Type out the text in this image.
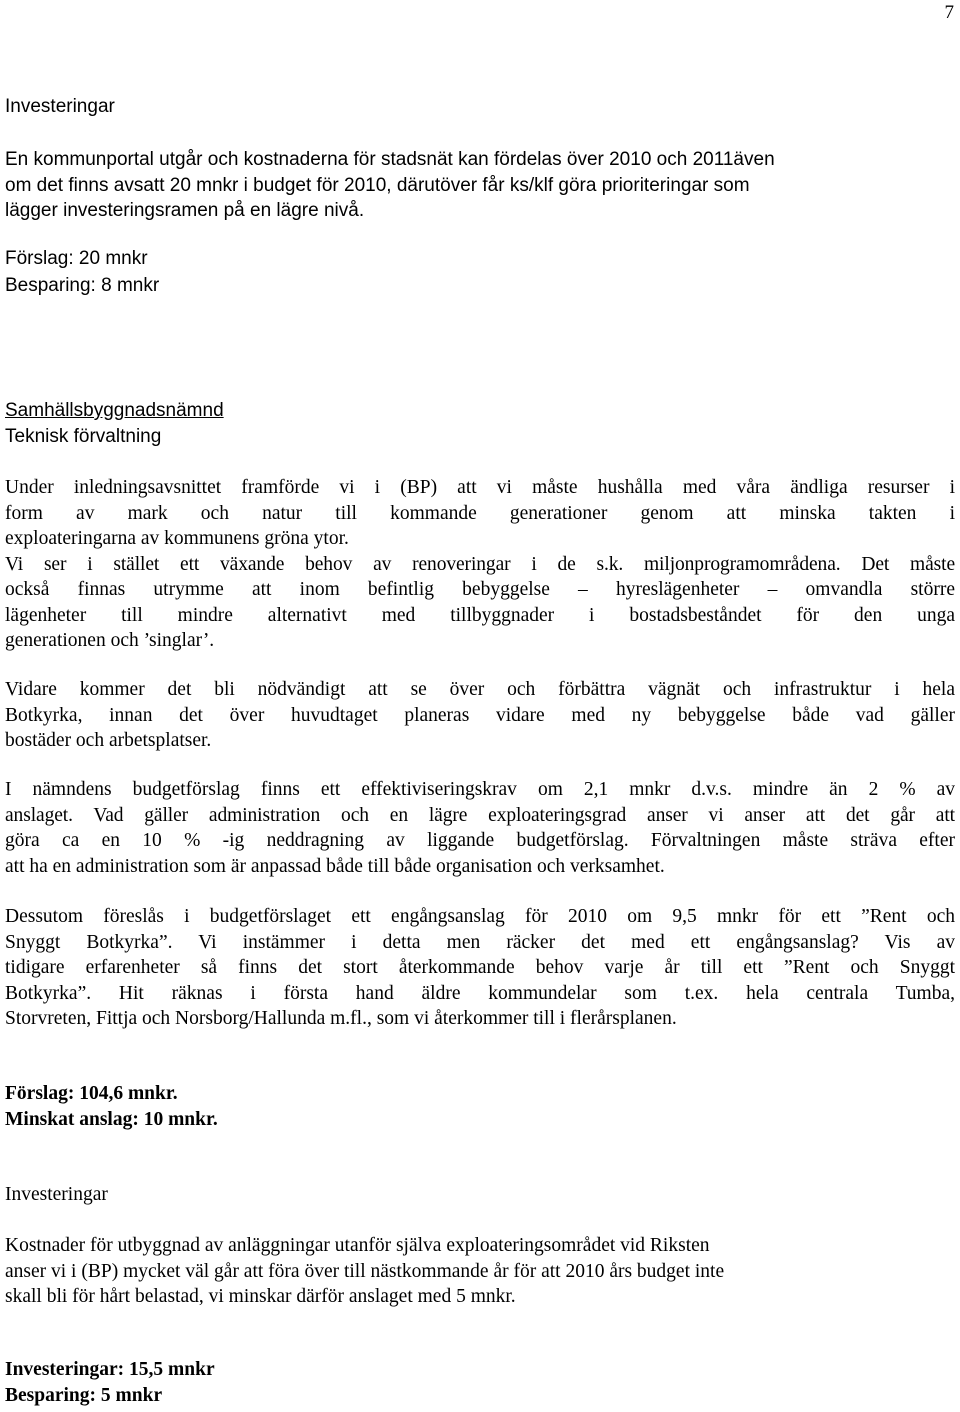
7
Investeringar
En kommunportal utgår och kostnaderna för stadsnät kan fördelas över 2010 och 2011även
om det finns avsatt 20 mnkr i budget för 2010, därutöver får ks/klf göra prioriteringar som
lägger investeringsramen på en lägre nivå.
Förslag: 20 mnkr
Besparing: 8 mnkr
Samhällsbyggnadsnämnd
Teknisk förvaltning
Under inledningsavsnittet framförde vi i (BP) att vi måste hushålla med våra ändliga resurser i
form av mark och natur till kommande generationer genom att minska takten i
exploateringarna av kommunens gröna ytor.
Vi ser i stället ett växande behov av renoveringar i de s.k. miljonprogramområdena. Det måste
också finnas utrymme att inom befintlig bebyggelse – hyreslägenheter – omvandla större
lägenheter till mindre alternativt med tillbyggnader i bostadsbeståndet för den unga
generationen och ’singlar’.
Vidare kommer det bli nödvändigt att se över och förbättra vägnät och infrastruktur i hela
Botkyrka, innan det över huvudtaget planeras vidare med ny bebyggelse både vad gäller
bostäder och arbetsplatser.
I nämndens budgetförslag finns ett effektiviseringskrav om 2,1 mnkr d.v.s. mindre än 2 % av
anslaget. Vad gäller administration och en lägre exploateringsgrad anser vi anser att det går att
göra ca en 10 % -ig neddragning av liggande budgetförslag. Förvaltningen måste sträva efter
att ha en administration som är anpassad både till både organisation och verksamhet.
Dessutom föreslås i budgetförslaget ett engångsanslag för 2010 om 9,5 mnkr för ett ”Rent och
Snyggt Botkyrka”. Vi instämmer i detta men räcker det med ett engångsanslag? Vis av
tidigare erfarenheter så finns det stort återkommande behov varje år till ett ”Rent och Snyggt
Botkyrka”. Hit räknas i första hand äldre kommundelar som t.ex. hela centrala Tumba,
Storvreten, Fittja och Norsborg/Hallunda m.fl., som vi återkommer till i flerårsplanen.
Förslag: 104,6 mnkr.
Minskat anslag: 10 mnkr.
Investeringar
Kostnader för utbyggnad av anläggningar utanför själva exploateringsområdet vid Riksten
anser vi i (BP) mycket väl går att föra över till nästkommande år för att 2010 års budget inte
skall bli för hårt belastad, vi minskar därför anslaget med 5 mnkr.
Investeringar: 15,5 mnkr
Besparing: 5 mnkr
